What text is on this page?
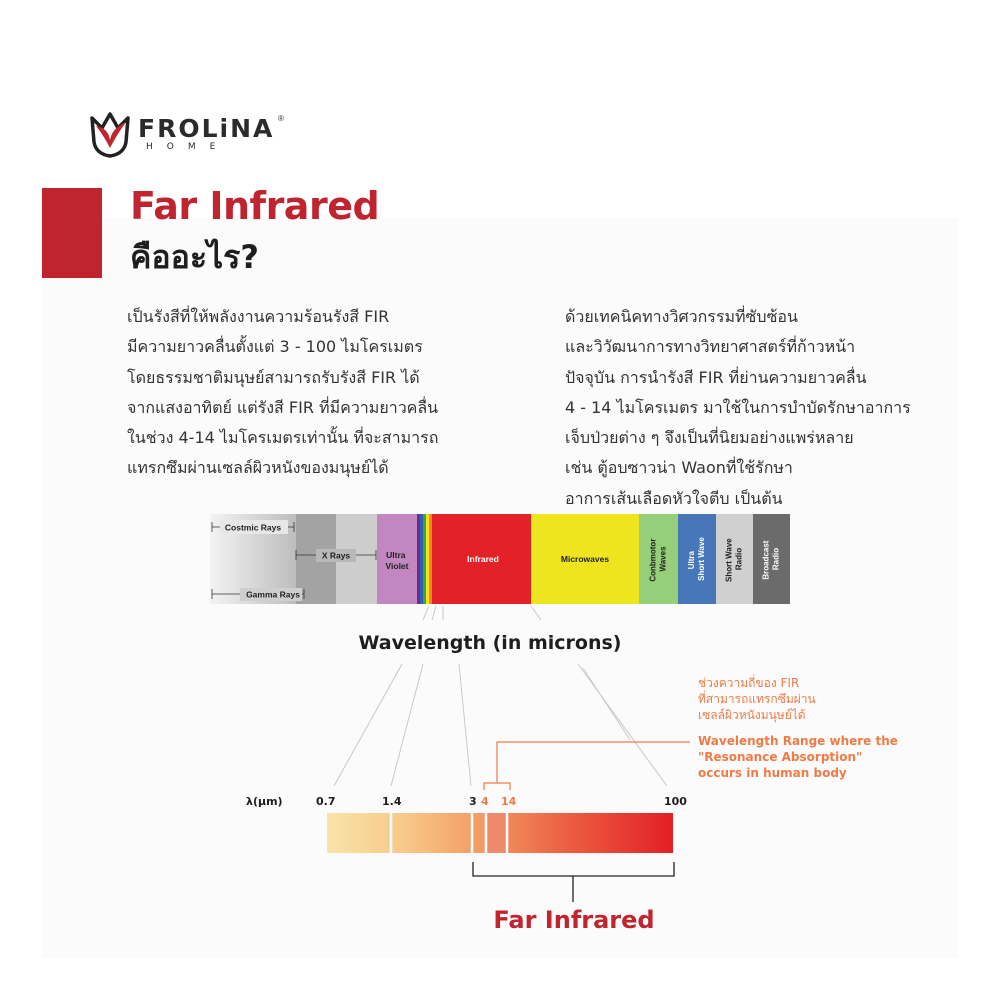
FROLiNA ®
HOME
Far Infrared
คืออะไร?
เป็นรังสีที่ให้พลังงานความร้อนรังสี FIR
มีความยาวคลื่นตั้งแต่ 3 - 100 ไมโครเมตร
โดยธรรมชาติมนุษย์สามารถรับรังสี FIR ได้
จากแสงอาทิตย์ แต่รังสี FIR ที่มีความยาวคลื่น
ในช่วง 4-14 ไมโครเมตรเท่านั้น ที่จะสามารถ
แทรกซึมผ่านเซลล์ผิวหนังของมนุษย์ได้
ด้วยเทคนิคทางวิศวกรรมที่ซับซ้อน
และวิวัฒนาการทางวิทยาศาสตร์ที่ก้าวหน้า
ปัจจุบัน การนำรังสี FIR ที่ย่านความยาวคลื่น
4 - 14 ไมโครเมตร มาใช้ในการบำบัดรักษาอาการ
เจ็บป่วยต่าง ๆ จึงเป็นที่นิยมอย่างแพร่หลาย
เช่น ตู้อบซาวน่า Waonที่ใช้รักษา
อาการเส้นเลือดหัวใจตีบ เป็นต้น
Costmic Rays
X Rays
Gamma Rays
Ultra Violet
Infrared	Microwaves	Conbmotor Waves Ultra Short Wave Short Wave Radio Broadcast Radio
Wavelength (in microns)
λ(µm)	0.7	1.4	3 4 14	100
ช่วงความถี่ของ FIR
ที่สามารถแทรกซึมผ่าน
เซลล์ผิวหนังมนุษย์ได้
Wavelength Range where the
"Resonance Absorption"
occurs in human body
Far Infrared
